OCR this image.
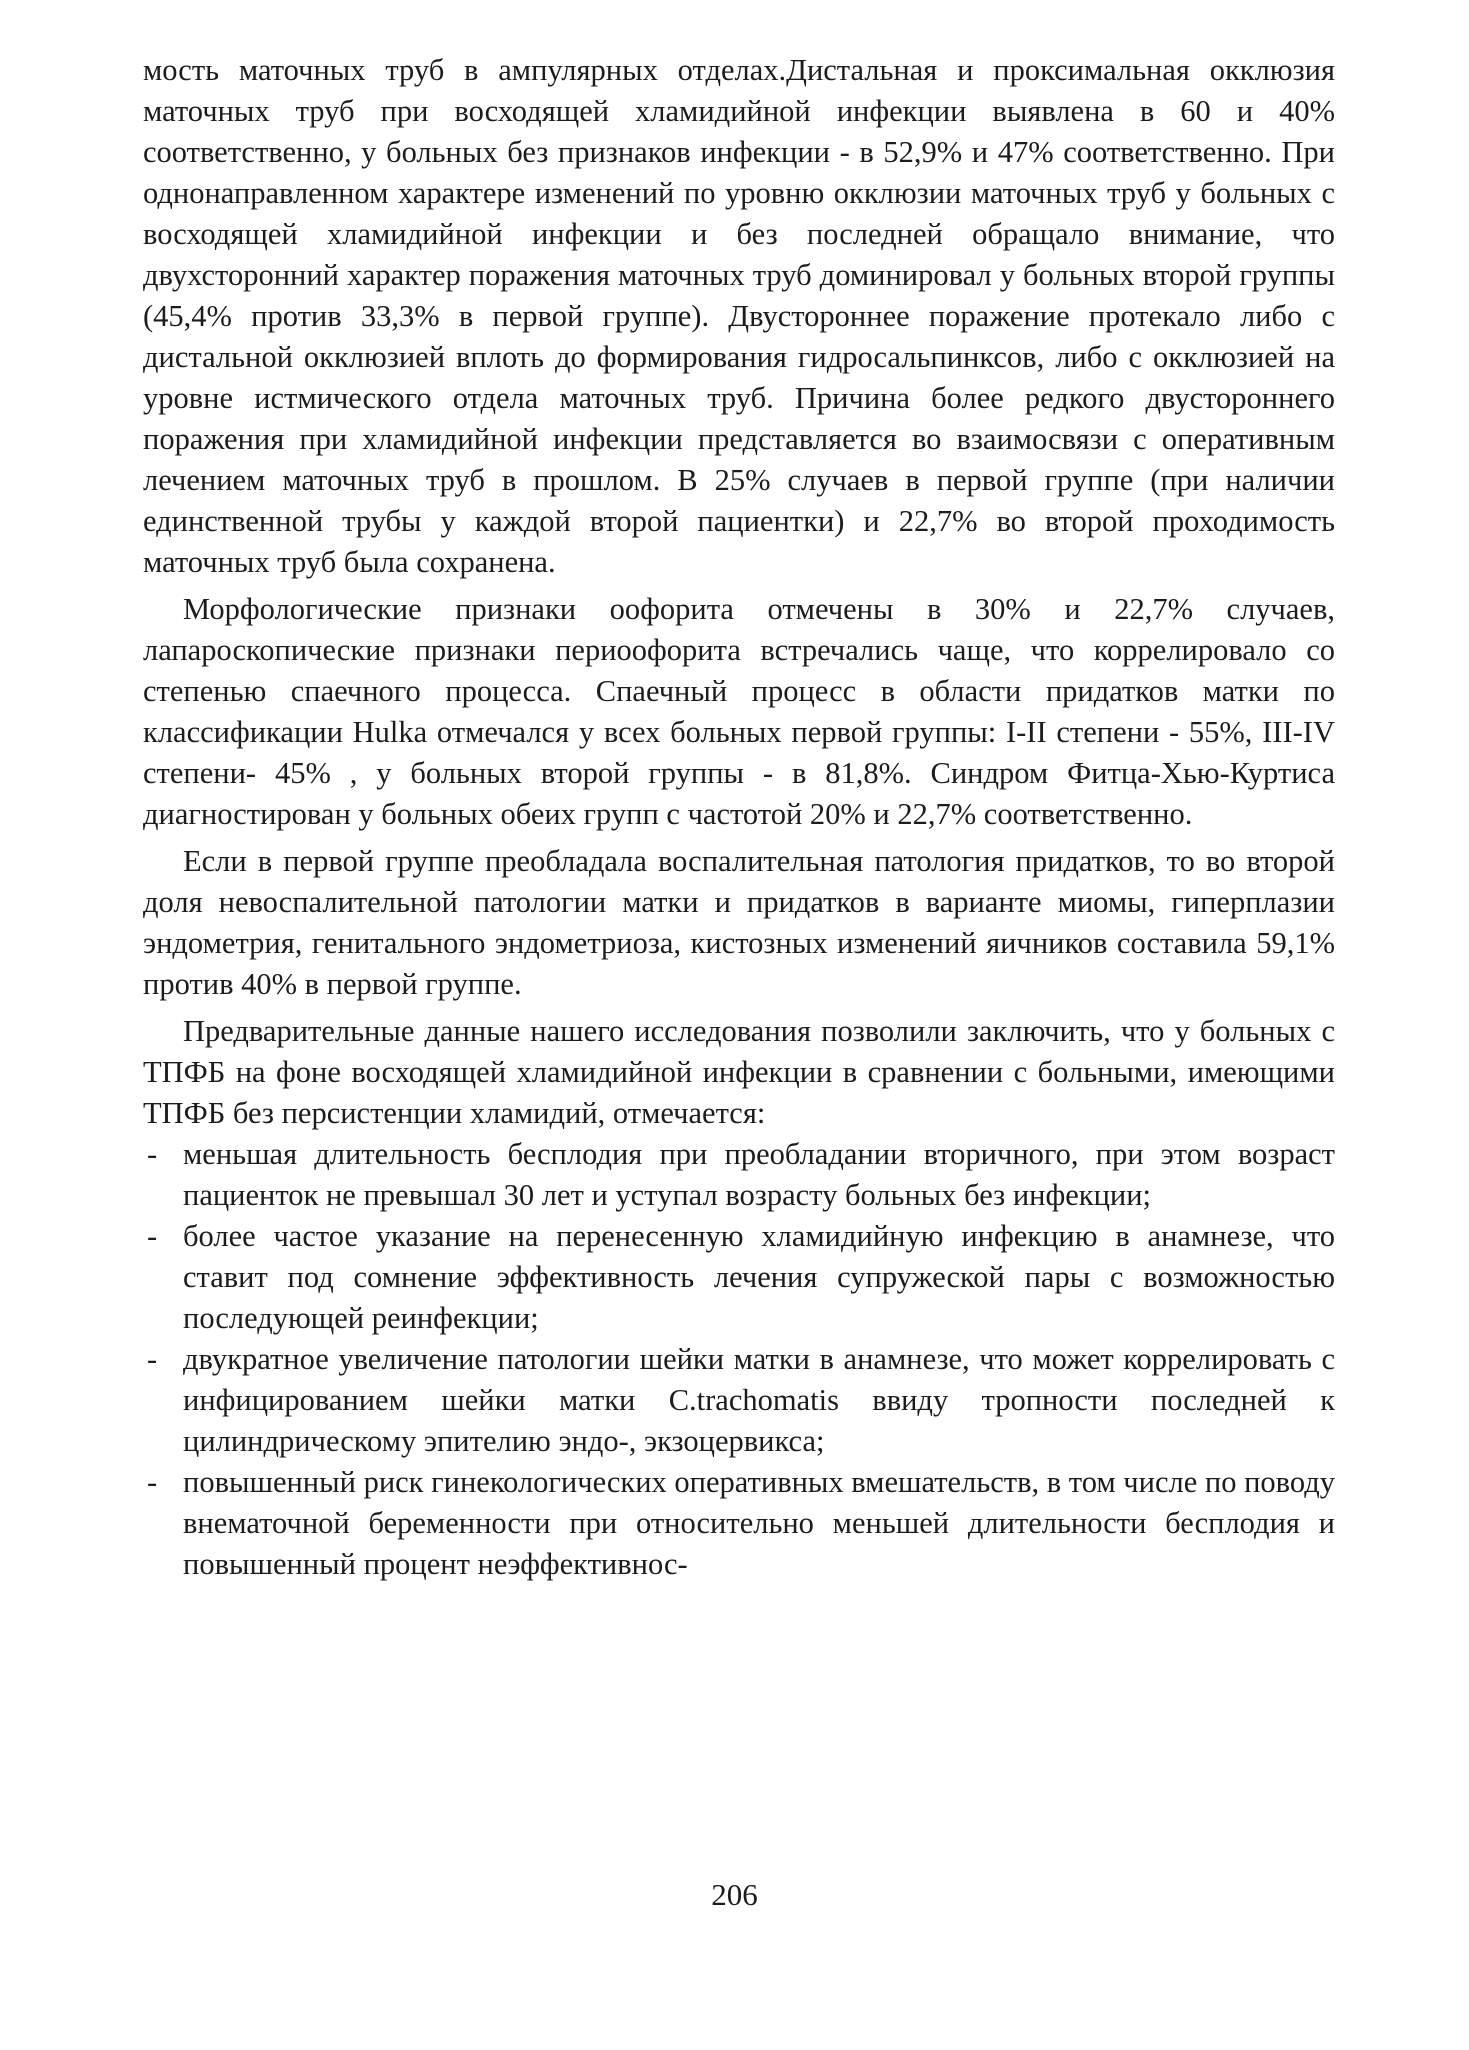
мость маточных труб в ампулярных отделах.Дистальная и проксимальная окклюзия маточных труб при восходящей хламидийной инфекции выявлена в 60 и 40% соответственно, у больных без признаков инфекции - в 52,9% и 47% соответственно. При однонаправленном характере изменений по уровню окклюзии маточных труб у больных с восходящей хламидийной инфекции и без последней обращало внимание, что двухсторонний характер поражения маточных труб доминировал у больных второй группы (45,4% против 33,3% в первой группе). Двустороннее поражение протекало либо с дистальной окклюзией вплоть до формирования гидросальпинксов, либо с окклюзией на уровне истмического отдела маточных труб. Причина более редкого двустороннего поражения при хламидийной инфекции представляется во взаимосвязи с оперативным лечением маточных труб в прошлом. В 25% случаев в первой группе (при наличии единственной трубы у каждой второй пациентки) и 22,7% во второй проходимость маточных труб была сохранена.

Морфологические признаки оофорита отмечены в 30% и 22,7% случаев, лапароскопические признаки периоофорита встречались чаще, что коррелировало со степенью спаечного процесса. Спаечный процесс в области придатков матки по классификации Hulka отмечался у всех больных первой группы: I-II степени - 55%, III-IV степени- 45% , у больных второй группы - в 81,8%. Синдром Фитца-Хью-Куртиса диагностирован у больных обеих групп с частотой 20% и 22,7% соответственно.

Если в первой группе преобладала воспалительная патология придатков, то во второй доля невоспалительной патологии матки и придатков в варианте миомы, гиперплазии эндометрия, генитального эндометриоза, кистозных изменений яичников составила 59,1% против 40% в первой группе.

Предварительные данные нашего исследования позволили заключить, что у больных с ТПФБ на фоне восходящей хламидийной инфекции в сравнении с больными, имеющими ТПФБ без персистенции хламидий, отмечается:

- меньшая длительность бесплодия при преобладании вторичного, при этом возраст пациенток не превышал 30 лет и уступал возрасту больных без инфекции;
- более частое указание на перенесенную хламидийную инфекцию в анамнезе, что ставит под сомнение эффективность лечения супружеской пары с возможностью последующей реинфекции;
- двукратное увеличение патологии шейки матки в анамнезе, что может коррелировать с инфицированием шейки матки C.trachomatis ввиду тропности последней к цилиндрическому эпителию эндо-, экзоцервикса;
- повышенный риск гинекологических оперативных вмешательств, в том числе по поводу внематочной беременности при относительно меньшей длительности бесплодия и повышенный процент неэффективнос-
206
